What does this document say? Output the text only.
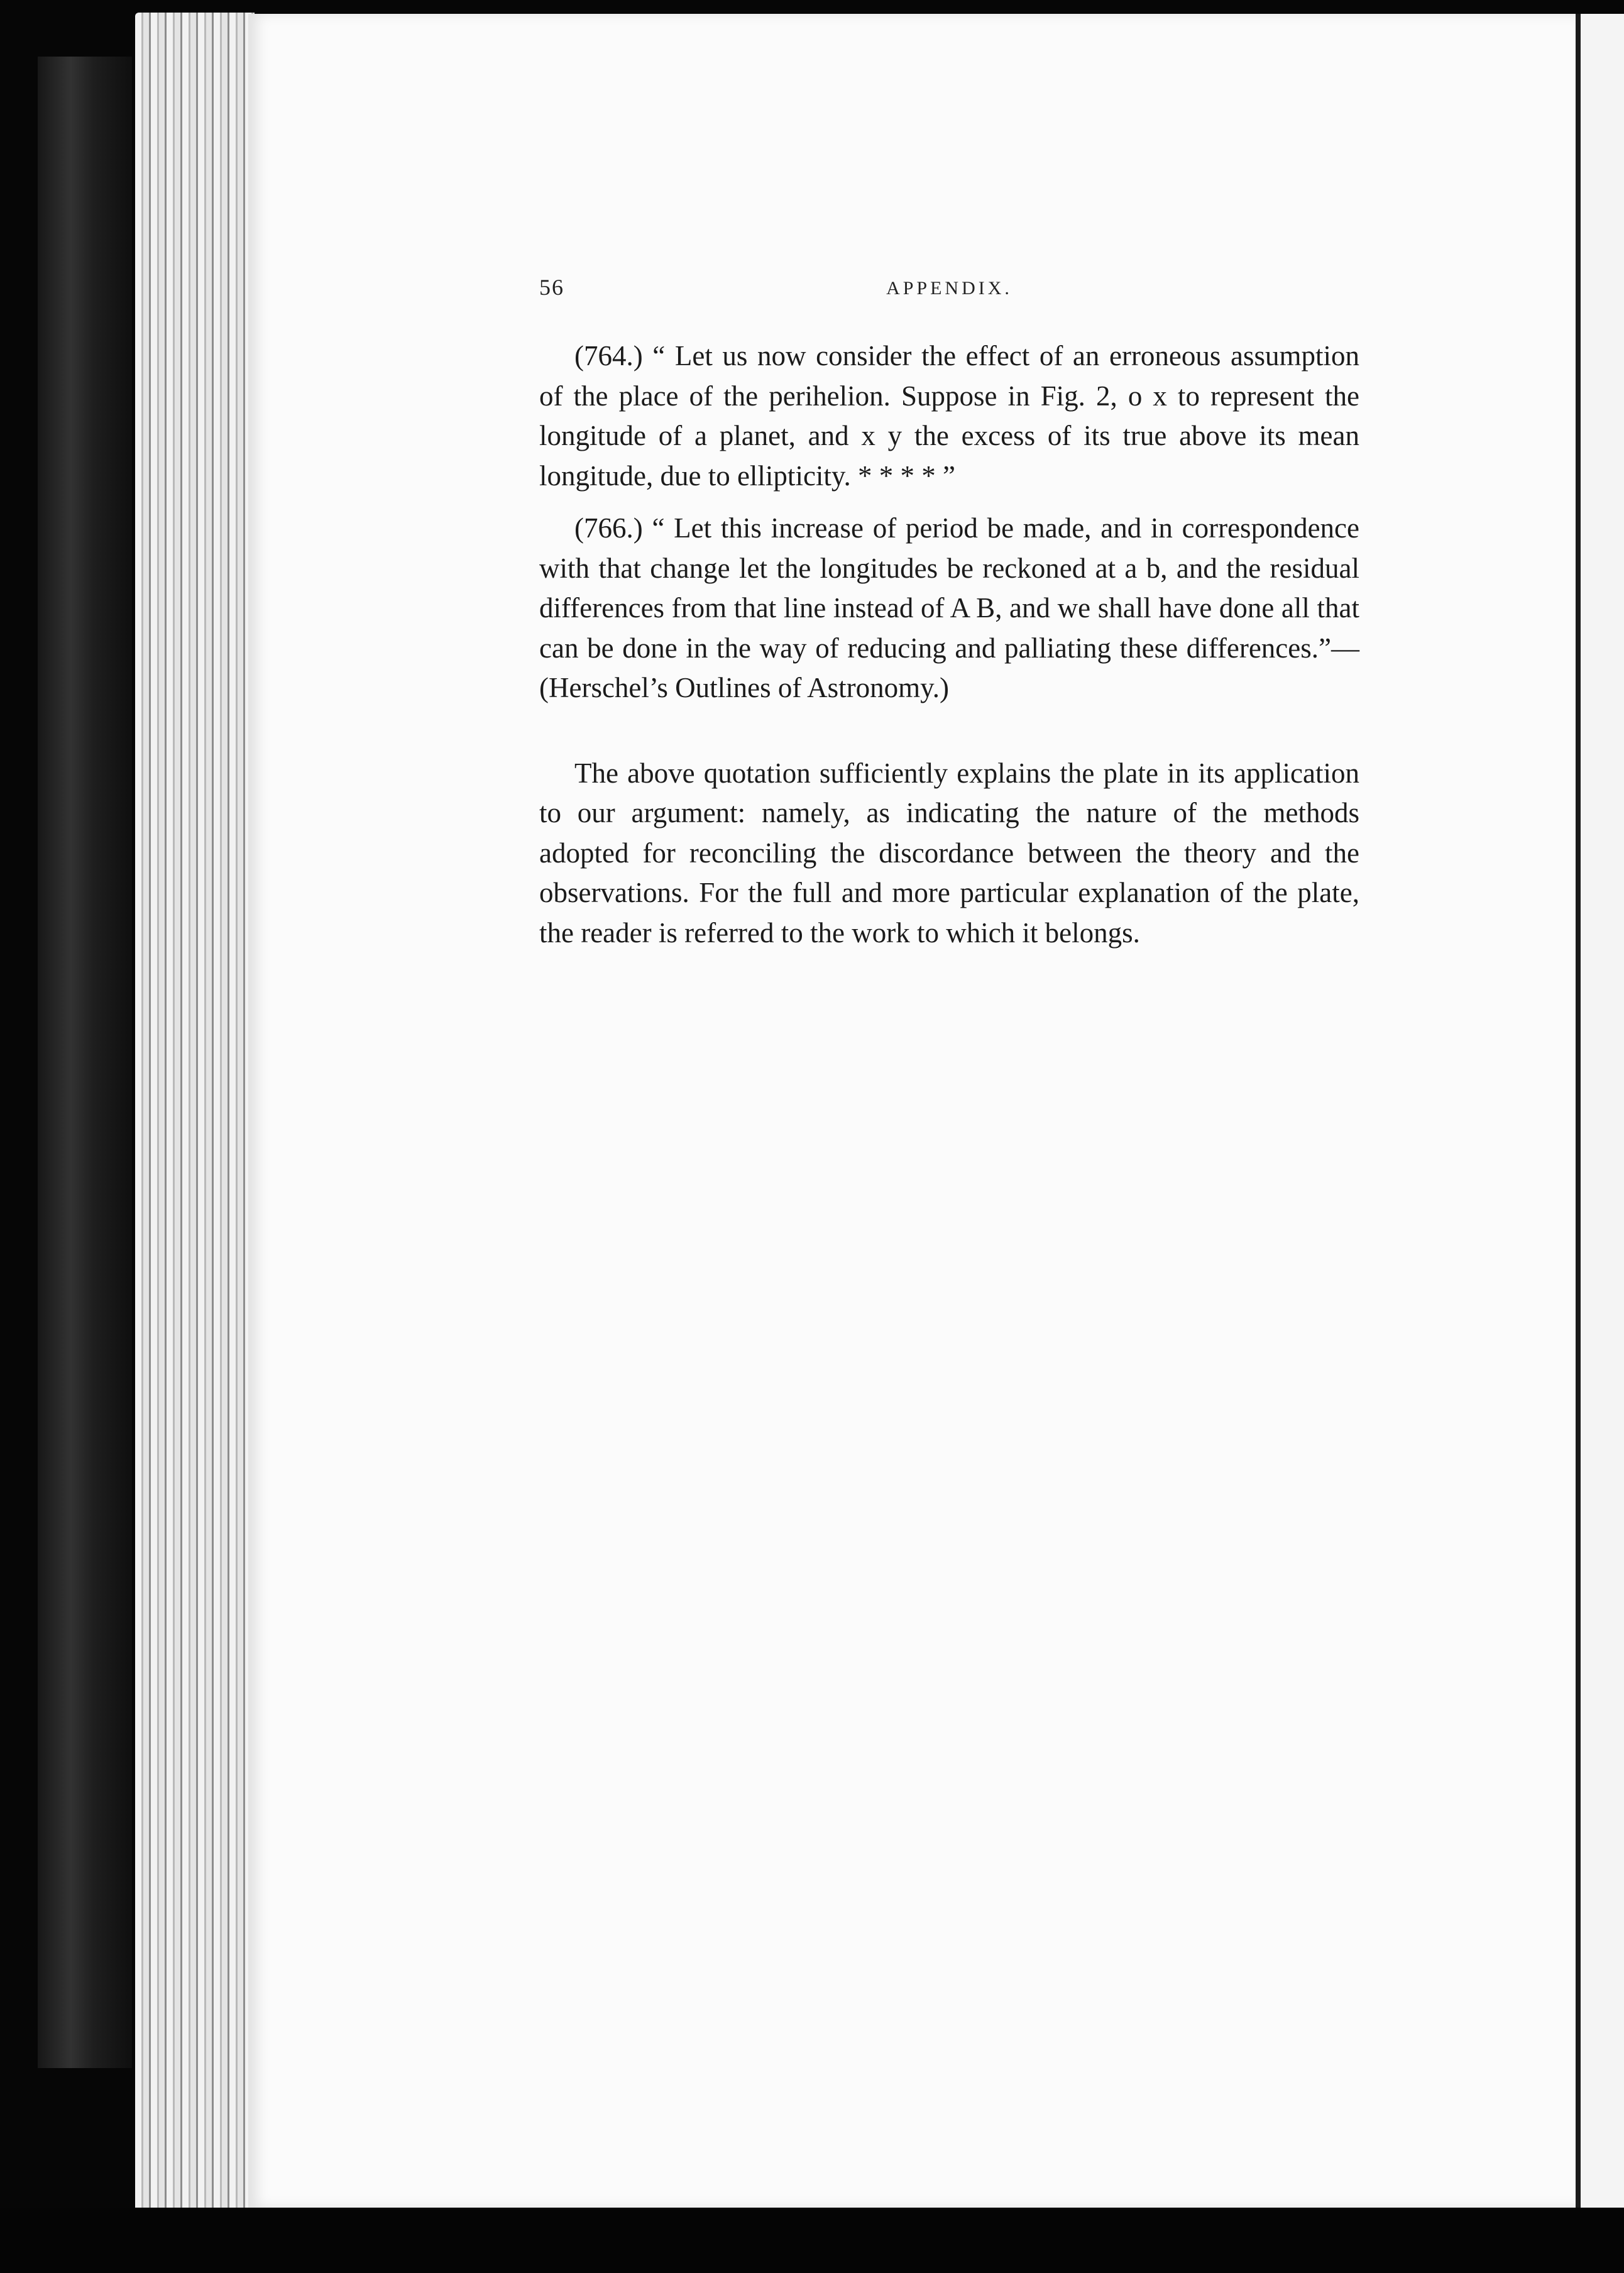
56	APPENDIX.

(764.) “ Let us now consider the effect of an erroneous assumption of the place of the perihelion. Suppose in Fig. 2, o x to represent the longitude of a planet, and x y the excess of its true above its mean longitude, due to ellipticity. * * * * ”

(766.) “ Let this increase of period be made, and in correspondence with that change let the longitudes be reckoned at a b, and the residual differences from that line instead of A B, and we shall have done all that can be done in the way of reducing and palliating these differences.”— (Herschel’s Outlines of Astronomy.)

The above quotation sufficiently explains the plate in its application to our argument: namely, as indicating the nature of the methods adopted for reconciling the discordance between the theory and the observations. For the full and more particular explanation of the plate, the reader is referred to the work to which it belongs.
